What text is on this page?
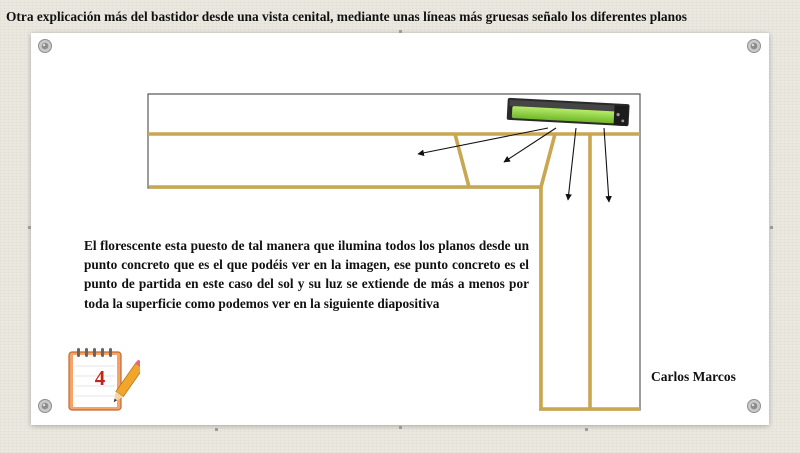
Otra explicación más del bastidor desde una vista cenital, mediante unas líneas más gruesas señalo los diferentes planos
El florescente esta puesto de tal manera que ilumina todos los planos desde un punto concreto que es el que podéis ver en la imagen, ese punto concreto es el punto de partida en este caso del sol y su luz se extiende de más a menos por toda la superficie como podemos ver en la siguiente diapositiva
Carlos Marcos
4
